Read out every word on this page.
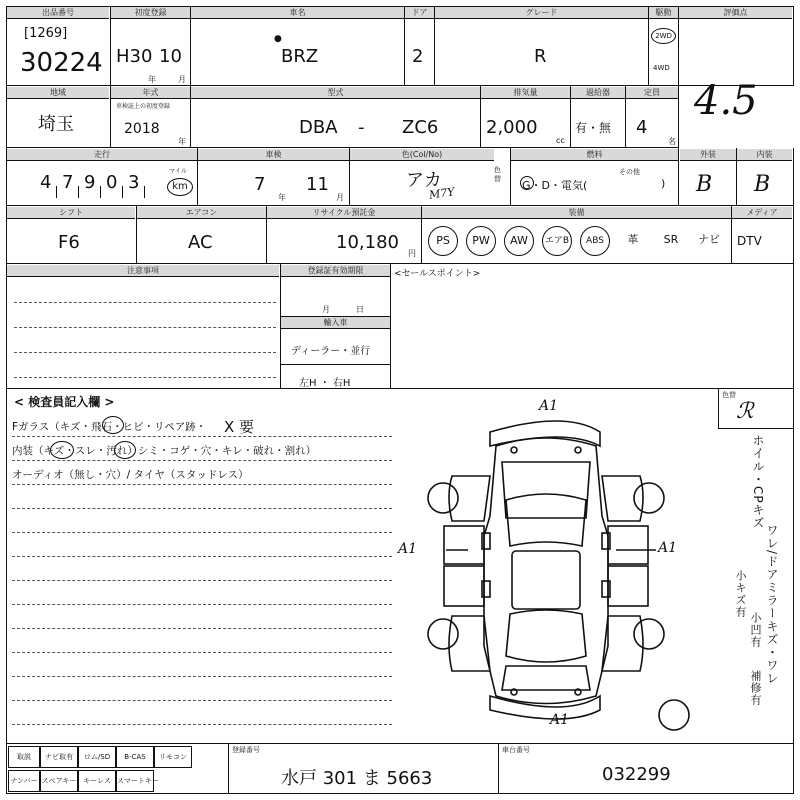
出品番号
[1269]
30224
初度登録
H30 10
年	月
車名
BRZ
●
ドア
2
グレード
R
駆動
2WD
4WD
評価点
4.5
地域
埼玉
年式
車検証上の初度登録
2018
年
型式
DBA - ZC6
排気量
2,000
cc
過給器
有・無
定員
4
名
走行
4 7 9 0 3
マイル
km
車検
7
年
11
月
色(Col/No)
アカ
M7Y
色替
燃料
G・D・電気(
その他
)
外装
B
内装
B
シフト
F6
エアコン
AC
リサイクル預託金
10,180
円
装備
PS	PW	AW	エアB	ABS	革	SR	ナビ
メディア
DTV
注意事項	登録証有効期限
月	日
輸入車
ディーラー・並行
左H ・ 右H
<セールスポイント>
< 検査員記入欄 >
Fガラス（キズ・飛石・ヒビ・リペア跡・ X 要
内装（キズ・スレ・汚れ）シミ・コゲ・穴・キレ・破れ・割れ）
オーディオ（無し・穴）/ タイヤ（スタッドレス）
A1
A1	A1
A1
色替
ℛ
ホイル・CPキズ
ワレ/ドアミラーキズ・ワレ
小キズ有
小凹有
補修有
取説	ナビ取有	ロム/SD	B-CAS	リモコン
ナンバー スペアキー キーレス スマートキー
登録番号
水戸 301 ま 5663
車台番号
032299
